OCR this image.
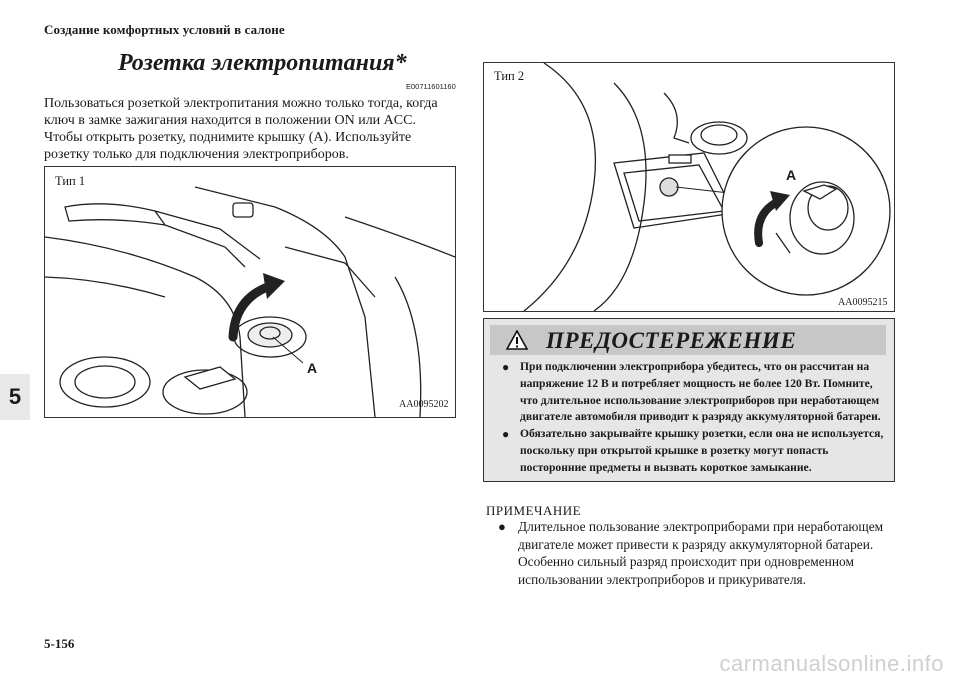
Создание комфортных условий в салоне
Розетка электропитания*
E00711601160

Пользоваться розеткой электропитания можно только тогда, когда ключ в замке зажигания находится в положении ON или ACC.

Чтобы открыть розетку, поднимите крышку (A). Используйте розетку только для подключения электроприборов.

5
Тип 1
A
AA0095202
Тип 2
A
AA0095215
ПРЕДОСТЕРЕЖЕНИЕ
● При подключении электроприбора убедитесь, что он рассчитан на напряжение 12 В и потребляет мощность не более 120 Вт. Помните, что длительное использование электроприборов при неработающем двигателе автомобиля приводит к разряду аккумуляторной батареи.
● Обязательно закрывайте крышку розетки, если она не используется, поскольку при открытой крышке в розетку могут попасть посторонние предметы и вызвать короткое замыкание.
ПРИМЕЧАНИЕ
● Длительное пользование электроприборами при неработающем двигателе может привести к разряду аккумуляторной батареи. Особенно сильный разряд происходит при одновременном использовании электроприборов и прикуривателя.
5-156
carmanualsonline.info
